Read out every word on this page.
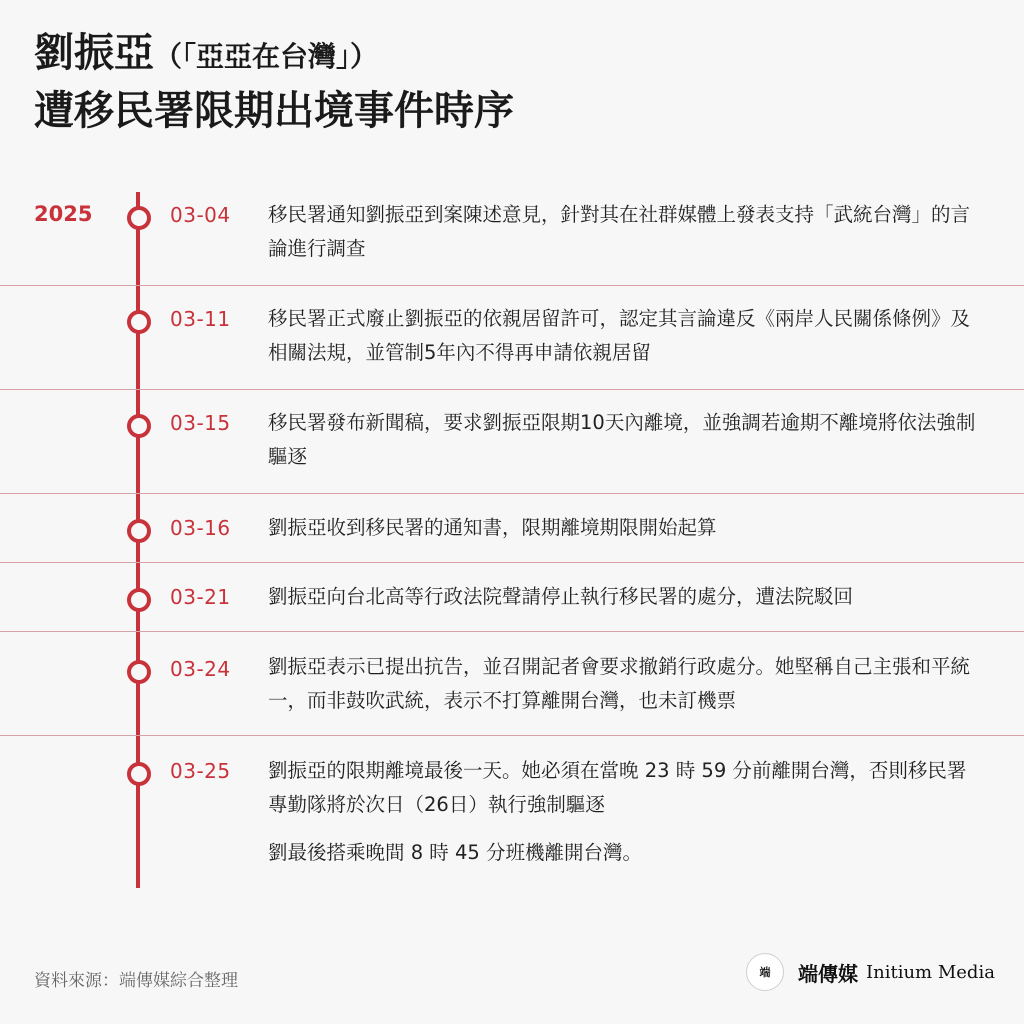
劉振亞（「亞亞在台灣」）
遭移民署限期出境事件時序
2025	03-04 移民署通知劉振亞到案陳述意見，針對其在社群媒體上發表支持「武統台灣」的言論進行調查

03-11 移民署正式廢止劉振亞的依親居留許可，認定其言論違反《兩岸人民關係條例》及相關法規，並管制5年內不得再申請依親居留

03-15 移民署發布新聞稿，要求劉振亞限期10天內離境，並強調若逾期不離境將依法強制驅逐

03-16 劉振亞收到移民署的通知書，限期離境期限開始起算

03-21 劉振亞向台北高等行政法院聲請停止執行移民署的處分，遭法院駁回

03-24 劉振亞表示已提出抗告，並召開記者會要求撤銷行政處分。她堅稱自己主張和平統一，而非鼓吹武統，表示不打算離開台灣，也未訂機票

03-25 劉振亞的限期離境最後一天。她必須在當晚 23 時 59 分前離開台灣，否則移民署專勤隊將於次日（26日）執行強制驅逐

劉最後搭乘晚間 8 時 45 分班機離開台灣。

資料來源：端傳媒綜合整理	端	端傳媒 Initium Media
